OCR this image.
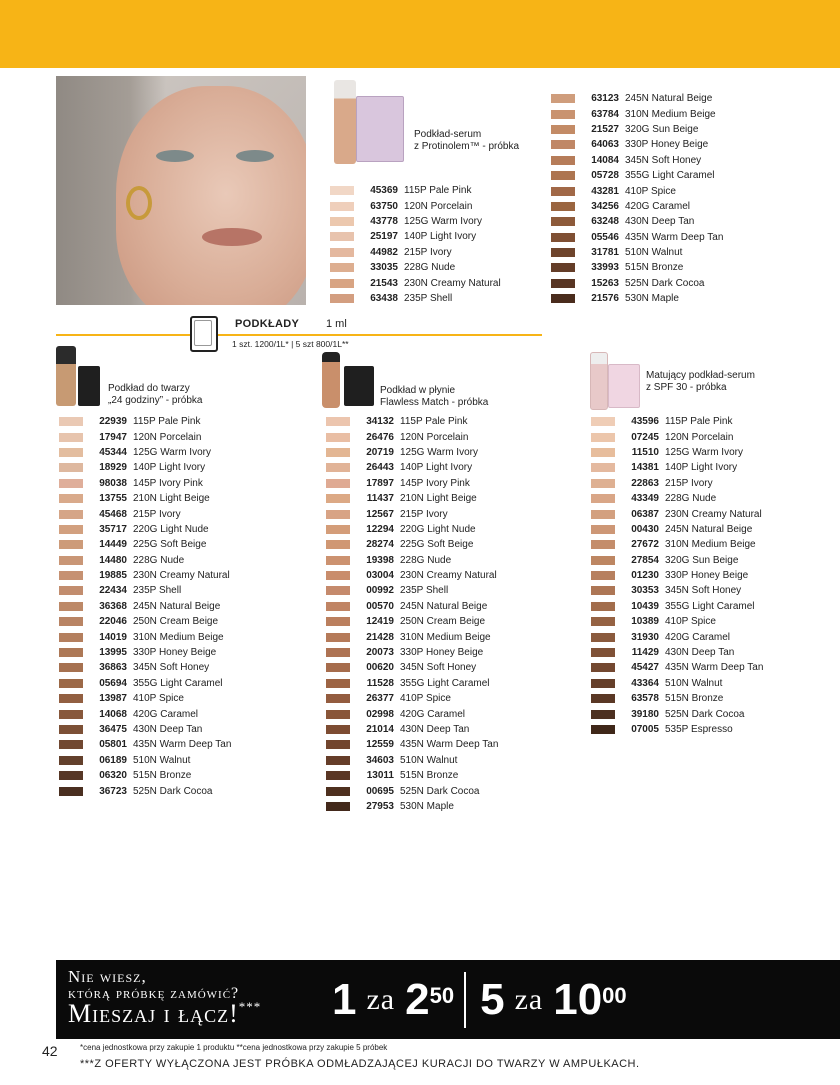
Podkład-serum
z Protinolem™ - próbka
45369 115P Pale Pink
63750 120N Porcelain
43778 125G Warm Ivory
25197 140P Light Ivory
44982 215P Ivory
33035 228G Nude
21543 230N Creamy Natural
63438 235P Shell
63123 245N Natural Beige
63784 310N Medium Beige
21527 320G Sun Beige
64063 330P Honey Beige
14084 345N Soft Honey
05728 355G Light Caramel
43281 410P Spice
34256 420G Caramel
63248 430N Deep Tan
05546 435N Warm Deep Tan
31781 510N Walnut
33993 515N Bronze
15263 525N Dark Cocoa
21576 530N Maple
PODKŁADY 1 ml
1 szt. 1200/1L* | 5 szt 800/1L**
Podkład do twarzy
„24 godziny” - próbka
22939 115P Pale Pink
17947 120N Porcelain
45344 125G Warm Ivory
18929 140P Light Ivory
98038 145P Ivory Pink
13755 210N Light Beige
45468 215P Ivory
35717 220G Light Nude
14449 225G Soft Beige
14480 228G Nude
19885 230N Creamy Natural
22434 235P Shell
36368 245N Natural Beige
22046 250N Cream Beige
14019 310N Medium Beige
13995 330P Honey Beige
36863 345N Soft Honey
05694 355G Light Caramel
13987 410P Spice
14068 420G Caramel
36475 430N Deep Tan
05801 435N Warm Deep Tan
06189 510N Walnut
06320 515N Bronze
36723 525N Dark Cocoa
Podkład w płynie
Flawless Match - próbka
34132 115P Pale Pink
26476 120N Porcelain
20719 125G Warm Ivory
26443 140P Light Ivory
17897 145P Ivory Pink
11437 210N Light Beige
12567 215P Ivory
12294 220G Light Nude
28274 225G Soft Beige
19398 228G Nude
03004 230N Creamy Natural
00992 235P Shell
00570 245N Natural Beige
12419 250N Cream Beige
21428 310N Medium Beige
20073 330P Honey Beige
00620 345N Soft Honey
11528 355G Light Caramel
26377 410P Spice
02998 420G Caramel
21014 430N Deep Tan
12559 435N Warm Deep Tan
34603 510N Walnut
13011 515N Bronze
00695 525N Dark Cocoa
27953 530N Maple
Matujący podkład-serum
z SPF 30 - próbka
43596 115P Pale Pink
07245 120N Porcelain
11510 125G Warm Ivory
14381 140P Light Ivory
22863 215P Ivory
43349 228G Nude
06387 230N Creamy Natural
00430 245N Natural Beige
27672 310N Medium Beige
27854 320G Sun Beige
01230 330P Honey Beige
30353 345N Soft Honey
10439 355G Light Caramel
10389 410P Spice
31930 420G Caramel
11429 430N Deep Tan
45427 435N Warm Deep Tan
43364 510N Walnut
63578 515N Bronze
39180 525N Dark Cocoa
07005 535P Espresso
Nie wiesz,
którą próbkę zamówić?
Mieszaj i łącz!*** 1 za 2 50 5 za 10 00
42	*cena jednostkowa przy zakupie 1 produktu **cena jednostkowa przy zakupie 5 próbek
***Z OFERTY WYŁĄCZONA JEST PRÓBKA ODMŁADZAJĄCEJ KURACJI DO TWARZY W AMPUŁKACH.
